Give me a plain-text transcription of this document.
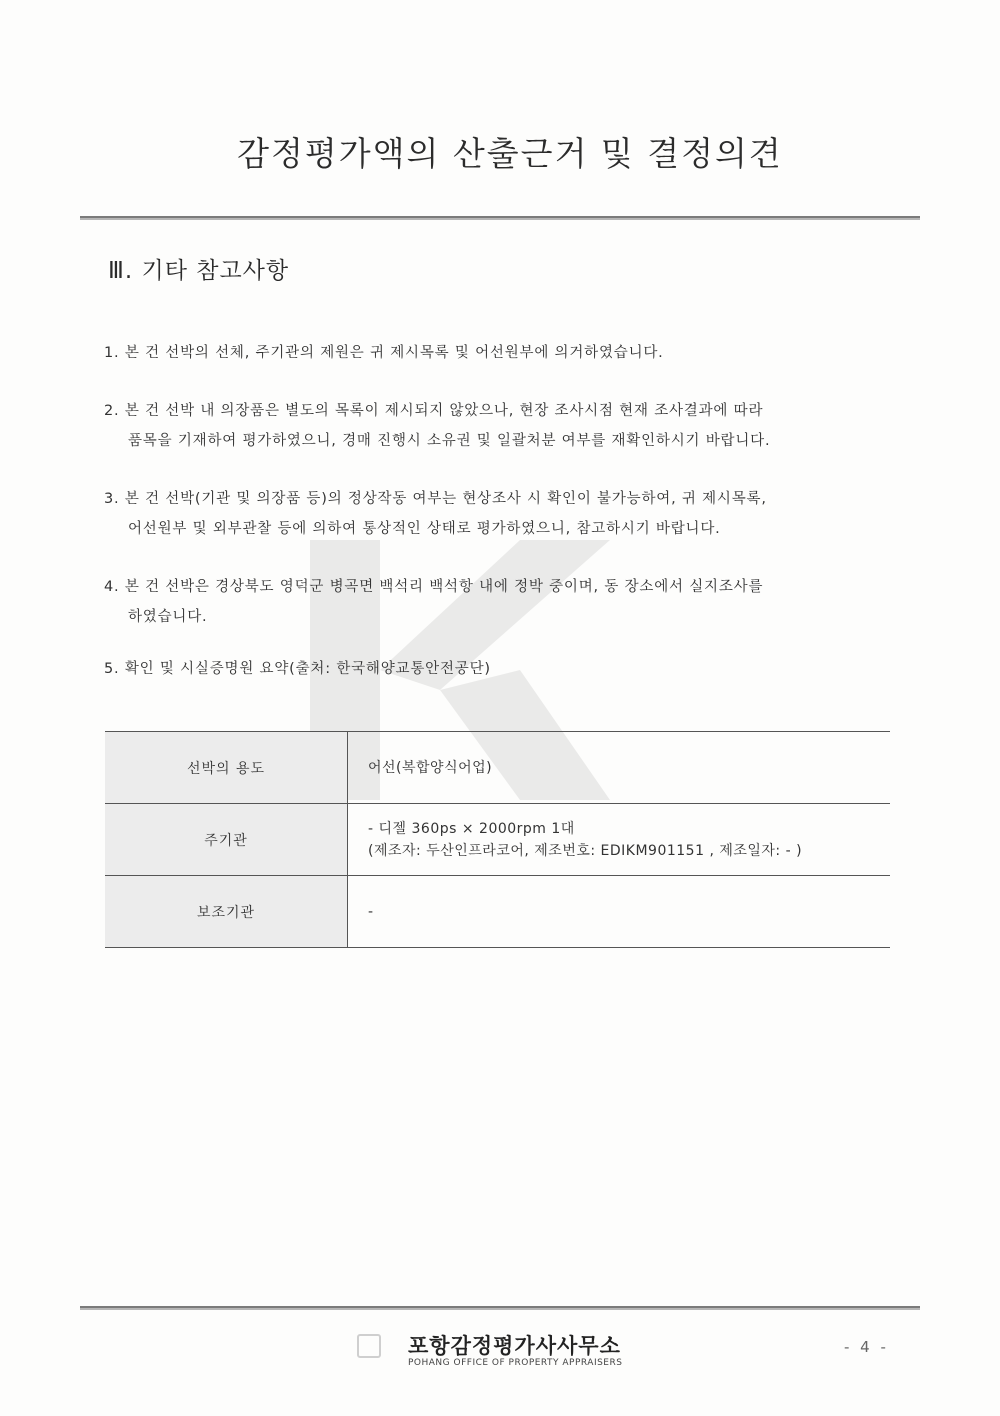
감정평가액의 산출근거 및 결정의견
Ⅲ. 기타 참고사항

1. 본 건 선박의 선체, 주기관의 제원은 귀 제시목록 및 어선원부에 의거하였습니다.

2. 본 건 선박 내 의장품은 별도의 목록이 제시되지 않았으나, 현장 조사시점 현재 조사결과에 따라
품목을 기재하여 평가하였으니, 경매 진행시 소유권 및 일괄처분 여부를 재확인하시기 바랍니다.

3. 본 건 선박(기관 및 의장품 등)의 정상작동 여부는 현상조사 시 확인이 불가능하여, 귀 제시목록,
어선원부 및 외부관찰 등에 의하여 통상적인 상태로 평가하였으니, 참고하시기 바랍니다.

4. 본 건 선박은 경상북도 영덕군 병곡면 백석리 백석항 내에 정박 중이며, 동 장소에서 실지조사를
하였습니다.

5. 확인 및 시실증명원 요약(출처: 한국해양교통안전공단)

선박의 용도	어선(복합양식어업)
주기관	- 디젤 360ps × 2000rpm 1대
(제조자: 두산인프라코어, 제조번호: EDIKM901151 , 제조일자: - )

보조기관	-
포항감정평가사사무소
POHANG OFFICE OF PROPERTY APPRAISERS
- 4 -
